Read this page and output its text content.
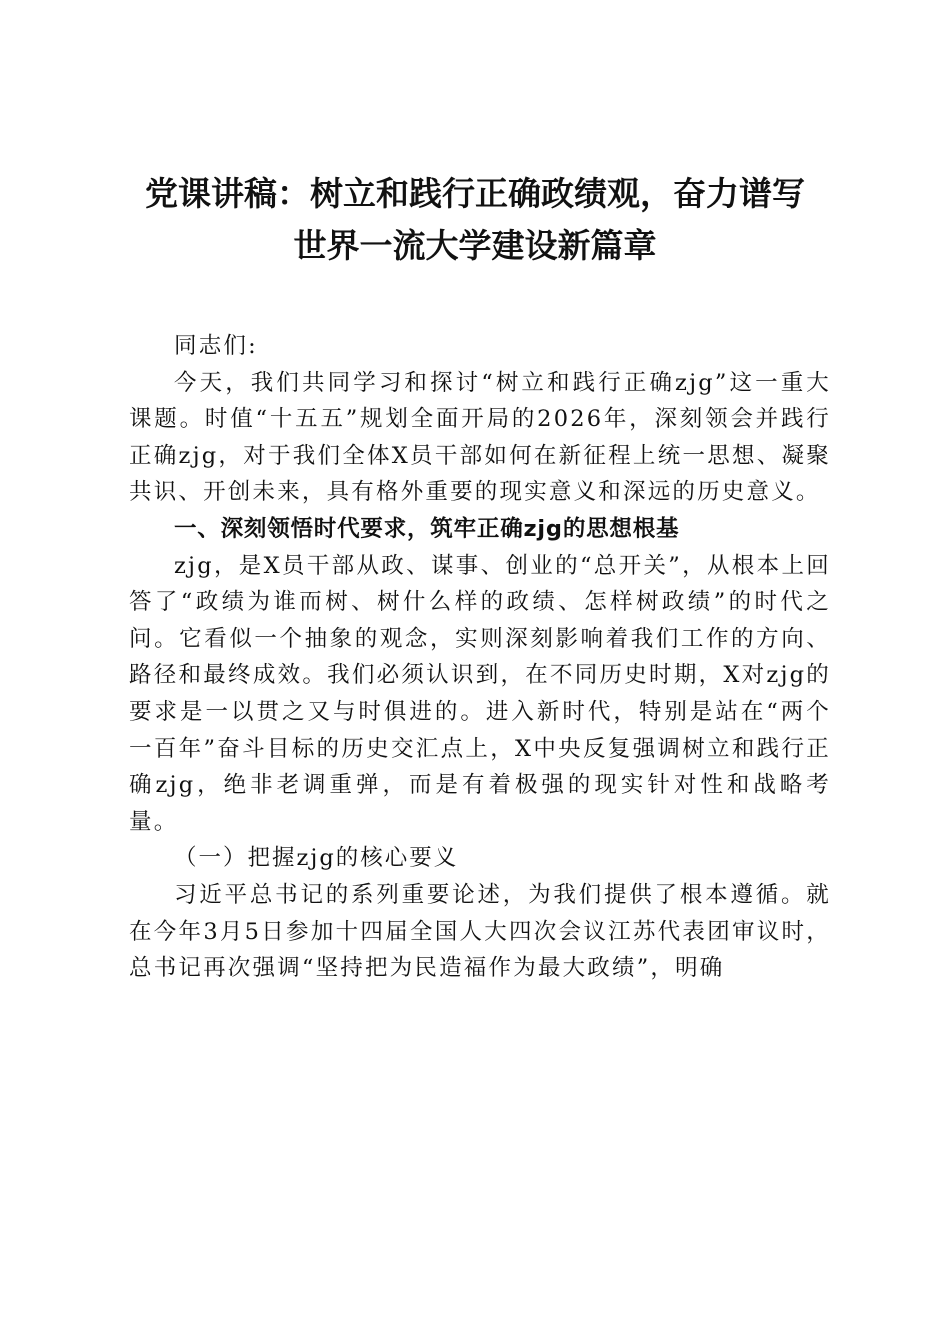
党课讲稿：树立和践行正确政绩观，奋力谱写
世界一流大学建设新篇章

同志们:

今天，我们共同学习和探讨“树立和践行正确zjg”这一重大课题。时值“十五五”规划全面开局的2026年，深刻领会并践行正确zjg，对于我们全体X员干部如何在新征程上统一思想、凝聚共识、开创未来，具有格外重要的现实意义和深远的历史意义。

一、深刻领悟时代要求，筑牢正确zjg的思想根基

zjg，是X员干部从政、谋事、创业的“总开关”，从根本上回答了“政绩为谁而树、树什么样的政绩、怎样树政绩”的时代之问。它看似一个抽象的观念，实则深刻影响着我们工作的方向、路径和最终成效。我们必须认识到，在不同历史时期，X对zjg的要求是一以贯之又与时俱进的。进入新时代，特别是站在“两个一百年”奋斗目标的历史交汇点上，X中央反复强调树立和践行正确zjg，绝非老调重弹，而是有着极强的现实针对性和战略考量。

（一）把握zjg的核心要义

习近平总书记的系列重要论述，为我们提供了根本遵循。就在今年3月5日参加十四届全国人大四次会议江苏代表团审议时，总书记再次强调“坚持把为民造福作为最大政绩”，明确
